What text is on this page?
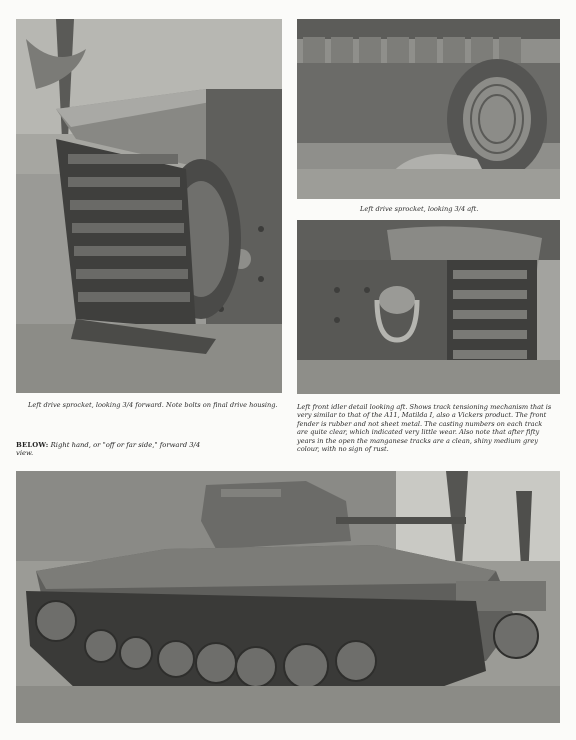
Left drive sprocket, looking 3/4 aft.

Left drive sprocket, looking 3/4 forward. Note bolts on final drive housing.	Left front idler detail looking aft. Shows track tensioning mechanism that is very similar to that of the A11, Matilda I, also a Vickers product. The front fender is rubber and not sheet metal. The casting numbers on each track are quite clear, which indicated very little wear. Also note that after fifty years in the open the manganese tracks are a clean, shiny medium grey colour, with no sign of rust.

BELOW: Right hand, or "off or far side," forward 3/4 view.
